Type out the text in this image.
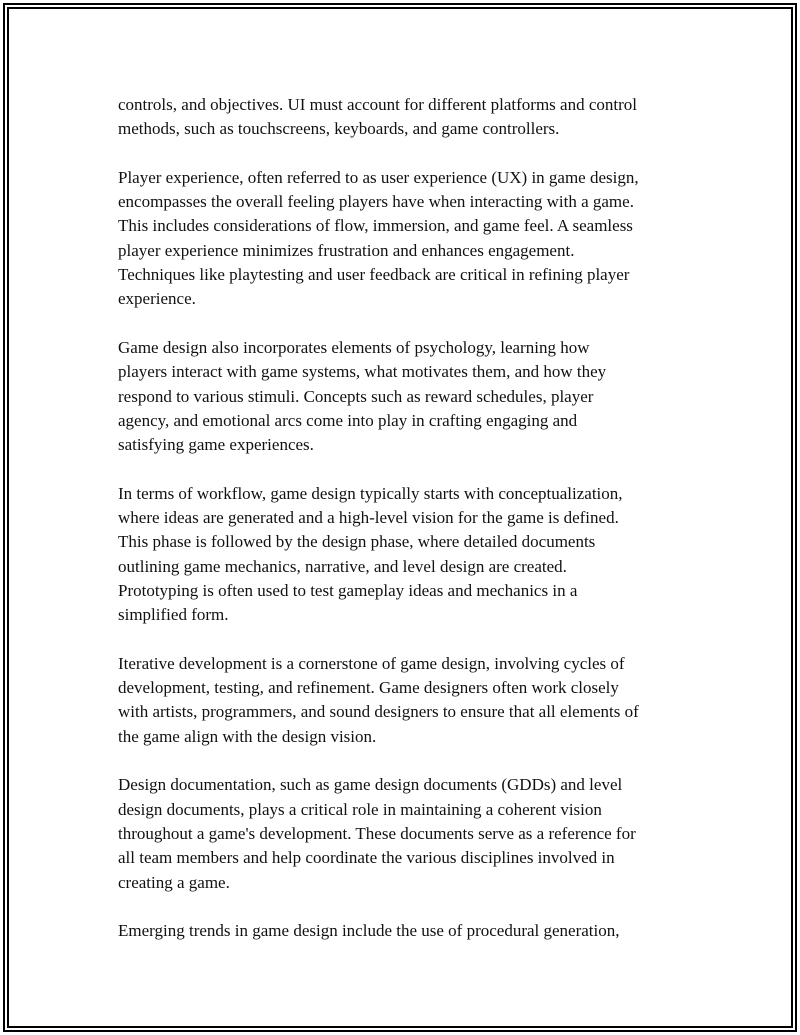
controls, and objectives. UI must account for different platforms and control
methods, such as touchscreens, keyboards, and game controllers.

Player experience, often referred to as user experience (UX) in game design,
encompasses the overall feeling players have when interacting with a game.
This includes considerations of flow, immersion, and game feel. A seamless
player experience minimizes frustration and enhances engagement.
Techniques like playtesting and user feedback are critical in refining player
experience.

Game design also incorporates elements of psychology, learning how
players interact with game systems, what motivates them, and how they
respond to various stimuli. Concepts such as reward schedules, player
agency, and emotional arcs come into play in crafting engaging and
satisfying game experiences.

In terms of workflow, game design typically starts with conceptualization,
where ideas are generated and a high-level vision for the game is defined.
This phase is followed by the design phase, where detailed documents
outlining game mechanics, narrative, and level design are created.
Prototyping is often used to test gameplay ideas and mechanics in a
simplified form.

Iterative development is a cornerstone of game design, involving cycles of
development, testing, and refinement. Game designers often work closely
with artists, programmers, and sound designers to ensure that all elements of
the game align with the design vision.

Design documentation, such as game design documents (GDDs) and level
design documents, plays a critical role in maintaining a coherent vision
throughout a game's development. These documents serve as a reference for
all team members and help coordinate the various disciplines involved in
creating a game.

Emerging trends in game design include the use of procedural generation,
